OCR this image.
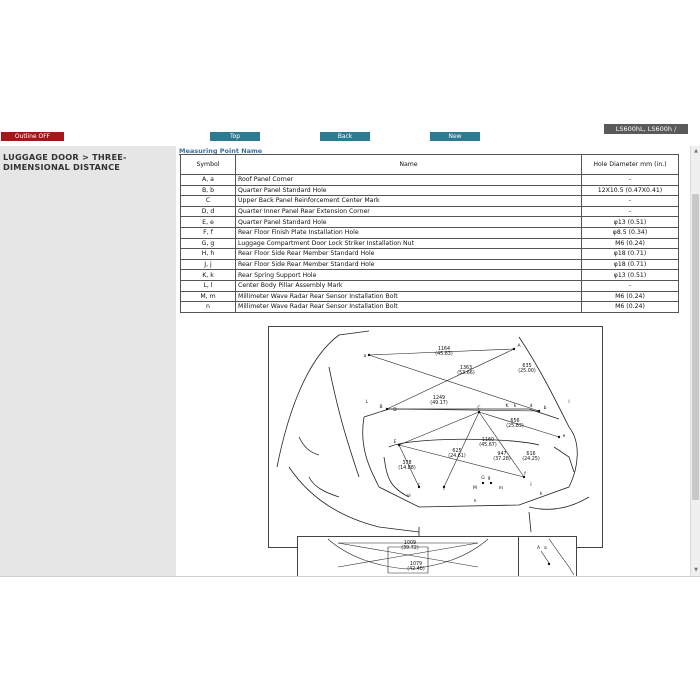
Outline OFF	Top	Back	New
LS600hL, LS600h /
LUGGAGE DOOR > THREE-DIMENSIONAL DISTANCE
Measuring Point Name
Symbol	Name	Hole Diameter mm (in.)
A, a	Roof Panel Corner	-
B, b	Quarter Panel Standard Hole	12X10.5 (0.47X0.41)
C	Upper Back Panel Reinforcement Center Mark	-
D, d	Quarter Inner Panel Rear Extension Corner	-
E, e	Quarter Panel Standard Hole	φ13 (0.51)
F, f	Rear Floor Finish Plate Installation Hole	φ8.5 (0.34)
G, g	Luggage Compartment Door Lock Striker Installation Nut	M6 (0.24)
H, h	Rear Floor Side Rear Member Standard Hole	φ18 (0.71)
J, j	Rear Floor Side Rear Member Standard Hole	φ18 (0.71)
K, k	Rear Spring Support Hole	φ13 (0.51)
L, l	Center Body Pillar Assembly Mark	-
M, m	Millimeter Wave Radar Rear Sensor Installation Bolt	M6 (0.24)
n	Millimeter Wave Radar Rear Sensor Installation Bolt	M6 (0.24)
1164
(45.83)
1363
(53.66)
635
(25.00)
1249
(49.17)
656
(25.83)
1160
(45.67)
625
(24.61)	947
(37.28)
616
(24.25)
378
(14.88)
a
A
B	b
C
D
d
E
e
f
G g
H	h
J
j
K k
M	m
n
L	l
1009
(39.72)
1079
(42.48)
A a
▲
▼
